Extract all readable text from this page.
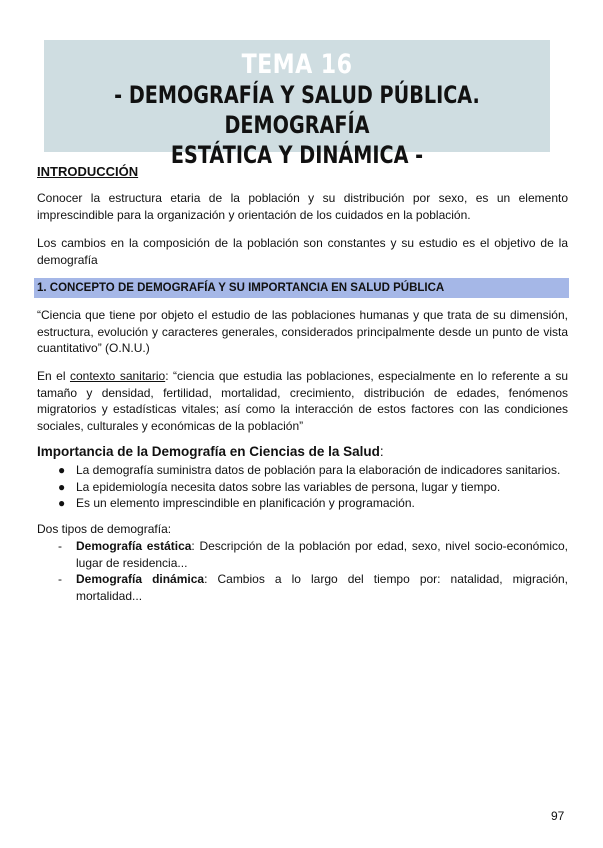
TEMA 16
- DEMOGRAFÍA Y SALUD PÚBLICA. DEMOGRAFÍA
ESTÁTICA Y DINÁMICA -
INTRODUCCIÓN
Conocer la estructura etaria de la población y su distribución por sexo, es un elemento imprescindible para la organización y orientación de los cuidados en la población.
Los cambios en la composición de la población son constantes y su estudio es el objetivo de la demografía
1. CONCEPTO DE DEMOGRAFÍA Y SU IMPORTANCIA EN SALUD PÚBLICA
“Ciencia que tiene por objeto el estudio de las poblaciones humanas y que trata de su dimensión, estructura, evolución y caracteres generales, considerados principalmente desde un punto de vista cuantitativo” (O.N.U.)
En el contexto sanitario: “ciencia que estudia las poblaciones, especialmente en lo referente a su tamaño y densidad, fertilidad, mortalidad, crecimiento, distribución de edades, fenómenos migratorios y estadísticas vitales; así como la interacción de estos factores con las condiciones sociales, culturales y económicas de la población”
Importancia de la Demografía en Ciencias de la Salud:
● La demografía suministra datos de población para la elaboración de indicadores sanitarios.
● La epidemiología necesita datos sobre las variables de persona, lugar y tiempo.
● Es un elemento imprescindible en planificación y programación.
Dos tipos de demografía:
- Demografía estática: Descripción de la población por edad, sexo, nivel socio-económico, lugar de residencia...
- Demografía dinámica: Cambios a lo largo del tiempo por: natalidad, migración, mortalidad...
97
